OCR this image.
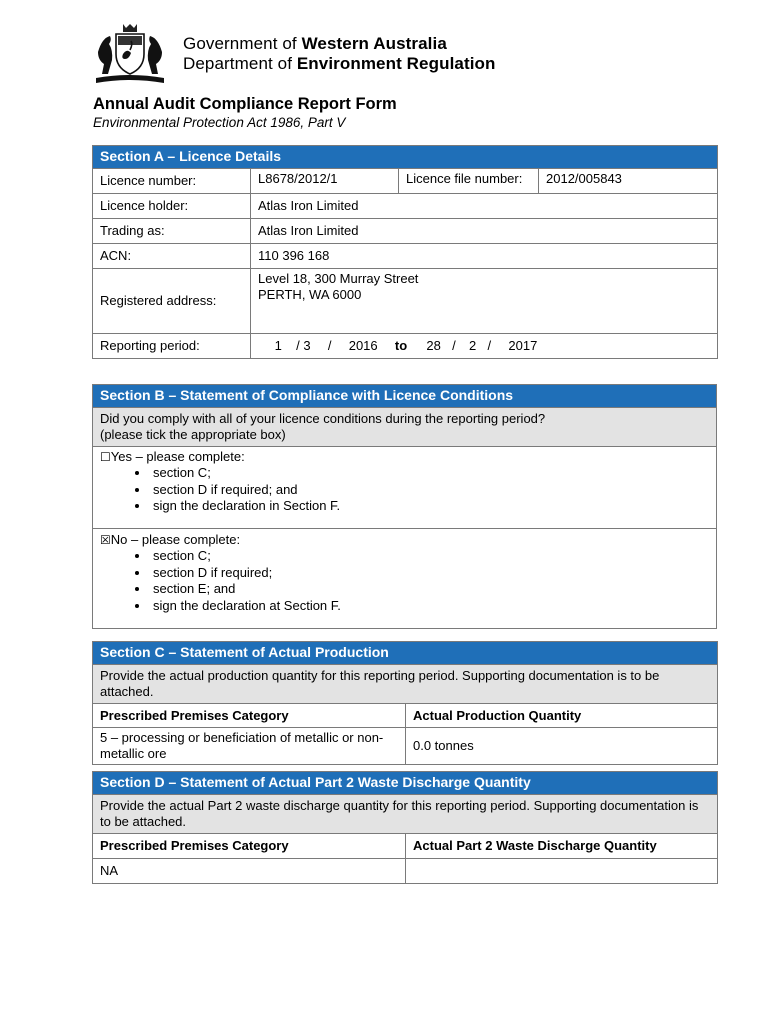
Government of Western Australia
Department of Environment Regulation
Annual Audit Compliance Report Form
Environmental Protection Act 1986, Part V
Section A – Licence Details			
Licence number:	L8678/2012/1	Licence file number:	2012/005843
Licence holder:	Atlas Iron Limited		
Trading as:	Atlas Iron Limited		
ACN:	110 396 168		
Registered address:	Level 18, 300 Murray Street
PERTH, WA 6000		

Reporting period:	1 / 3 / 2016 to 28 / 2 / 2017		
Section B – Statement of Compliance with Licence Conditions

Did you comply with all of your licence conditions during the reporting period?
(please tick the appropriate box)

☐Yes – please complete:
• section C;
• section D if required; and
• sign the declaration in Section F.

☒No – please complete:
• section C;
• section D if required;
• section E; and
• sign the declaration at Section F.
Section C – Statement of Actual Production	
Provide the actual production quantity for this reporting period. Supporting documentation is to be attached.	
Prescribed Premises Category	Actual Production Quantity
5 – processing or beneficiation of metallic or non-metallic ore	0.0 tonnes
Section D – Statement of Actual Part 2 Waste Discharge Quantity	
Provide the actual Part 2 waste discharge quantity for this reporting period. Supporting documentation is to be attached.	
Prescribed Premises Category	Actual Part 2 Waste Discharge Quantity
NA	
